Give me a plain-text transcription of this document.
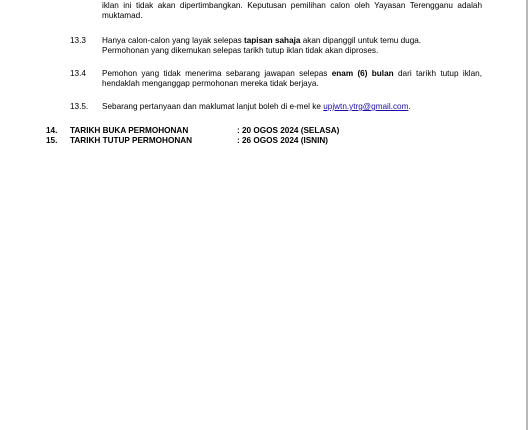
iklan ini tidak akan dipertimbangkan. Keputusan pemilihan calon oleh Yayasan Terengganu adalah
muktamad.
13.3 Hanya calon-calon yang layak selepas tapisan sahaja akan dipanggil untuk temu duga.
Permohonan yang dikemukan selepas tarikh tutup iklan tidak akan diproses.
13.4 Pemohon yang tidak menerima sebarang jawapan selepas enam (6) bulan dari tarikh tutup iklan,
hendaklah menganggap permohonan mereka tidak berjaya.
13.5. Sebarang pertanyaan dan maklumat lanjut boleh di e-mel ke upjwtn.ytrg@gmail.com.
14. TARIKH BUKA PERMOHONAN	: 20 OGOS 2024 (SELASA)
15. TARIKH TUTUP PERMOHONAN	: 26 OGOS 2024 (ISNIN)
